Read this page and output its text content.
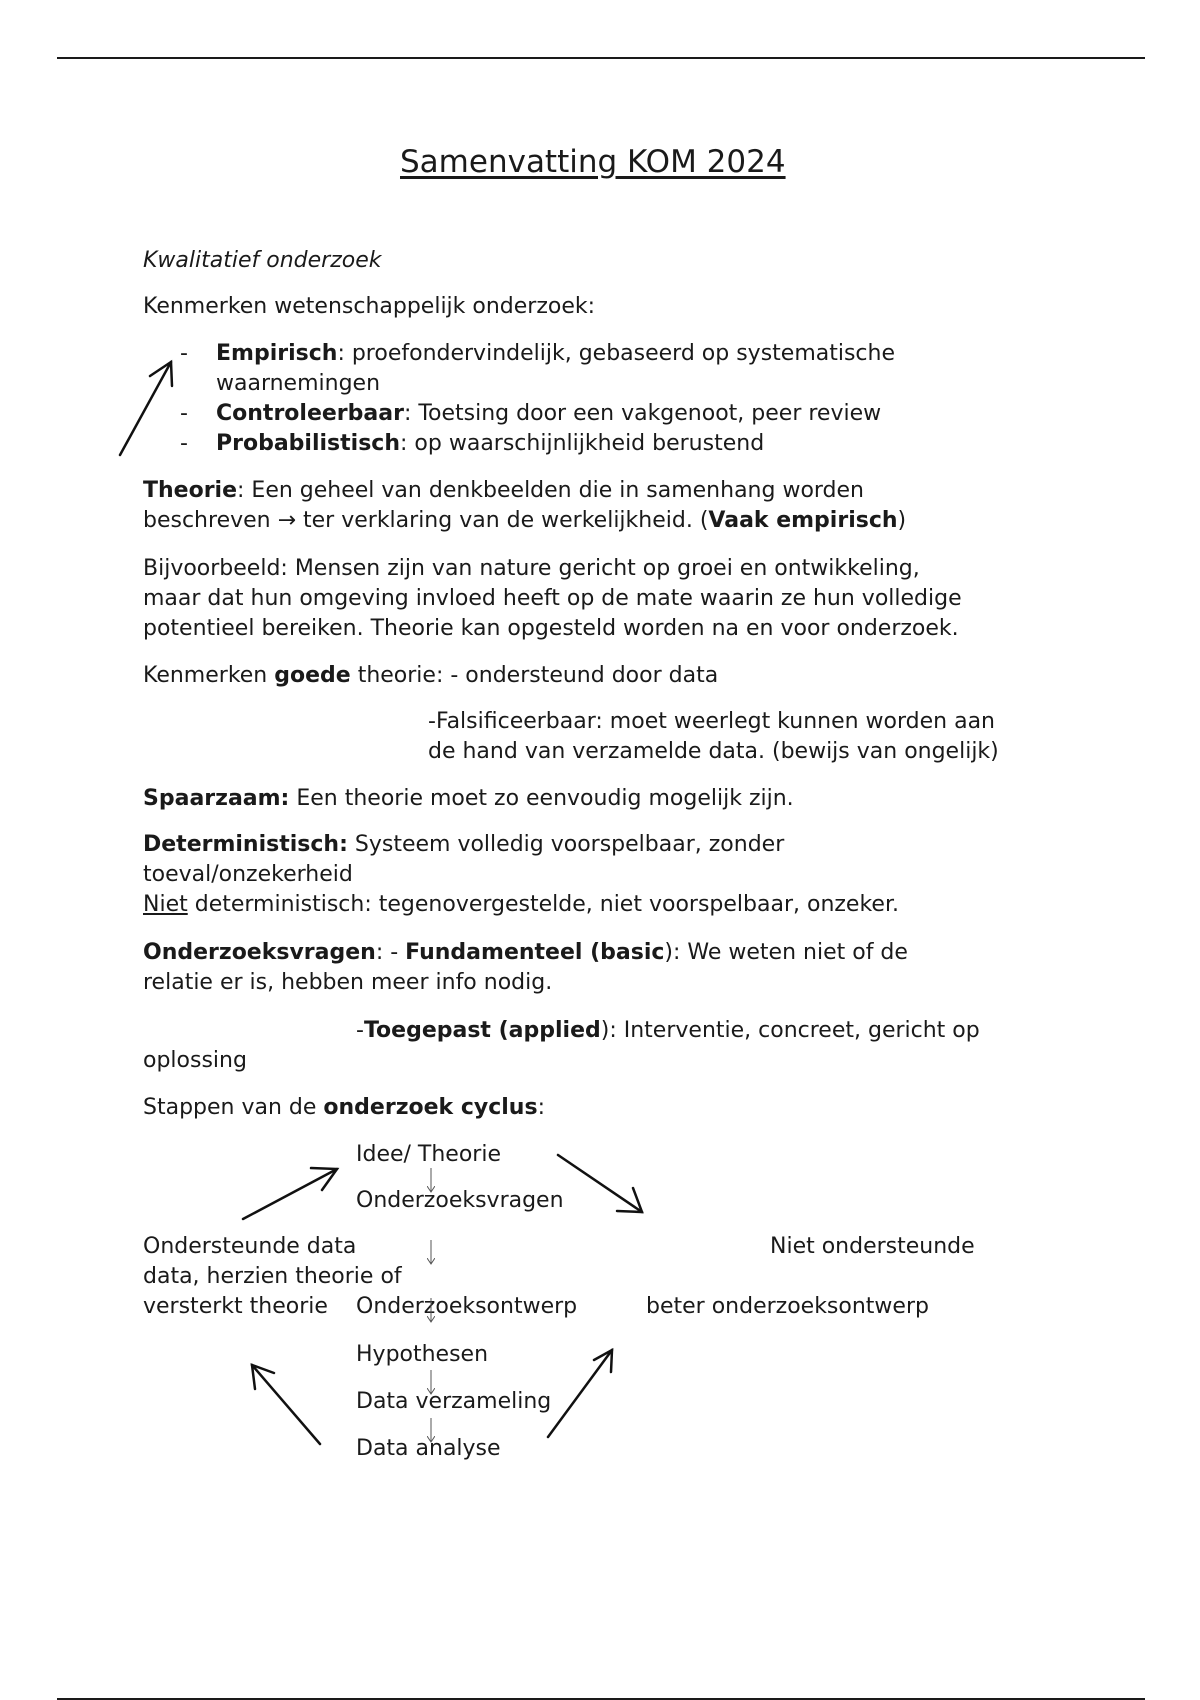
Samenvatting KOM 2024
Kwalitatief onderzoek
Kenmerken wetenschappelijk onderzoek:
- Empirisch: proefondervindelijk, gebaseerd op systematische
waarnemingen
- Controleerbaar: Toetsing door een vakgenoot, peer review
- Probabilistisch: op waarschijnlijkheid berustend
Theorie: Een geheel van denkbeelden die in samenhang worden
beschreven → ter verklaring van de werkelijkheid. (Vaak empirisch)
Bijvoorbeeld: Mensen zijn van nature gericht op groei en ontwikkeling,
maar dat hun omgeving invloed heeft op de mate waarin ze hun volledige
potentieel bereiken. Theorie kan opgesteld worden na en voor onderzoek.
Kenmerken goede theorie: - ondersteund door data
-Falsificeerbaar: moet weerlegt kunnen worden aan
de hand van verzamelde data. (bewijs van ongelijk)
Spaarzaam: Een theorie moet zo eenvoudig mogelijk zijn.
Deterministisch: Systeem volledig voorspelbaar, zonder
toeval/onzekerheid
Niet deterministisch: tegenovergestelde, niet voorspelbaar, onzeker.
Onderzoeksvragen: - Fundamenteel (basic): We weten niet of de
relatie er is, hebben meer info nodig.
-Toegepast (applied): Interventie, concreet, gericht op
oplossing
Stappen van de onderzoek cyclus:
Idee/ Theorie
Onderzoeksvragen
Onderzoeksontwerp
Hypothesen
Data verzameling
Data analyse
Ondersteunde data
data, herzien theorie of
versterkt theorie
Niet ondersteunde
beter onderzoeksontwerp
